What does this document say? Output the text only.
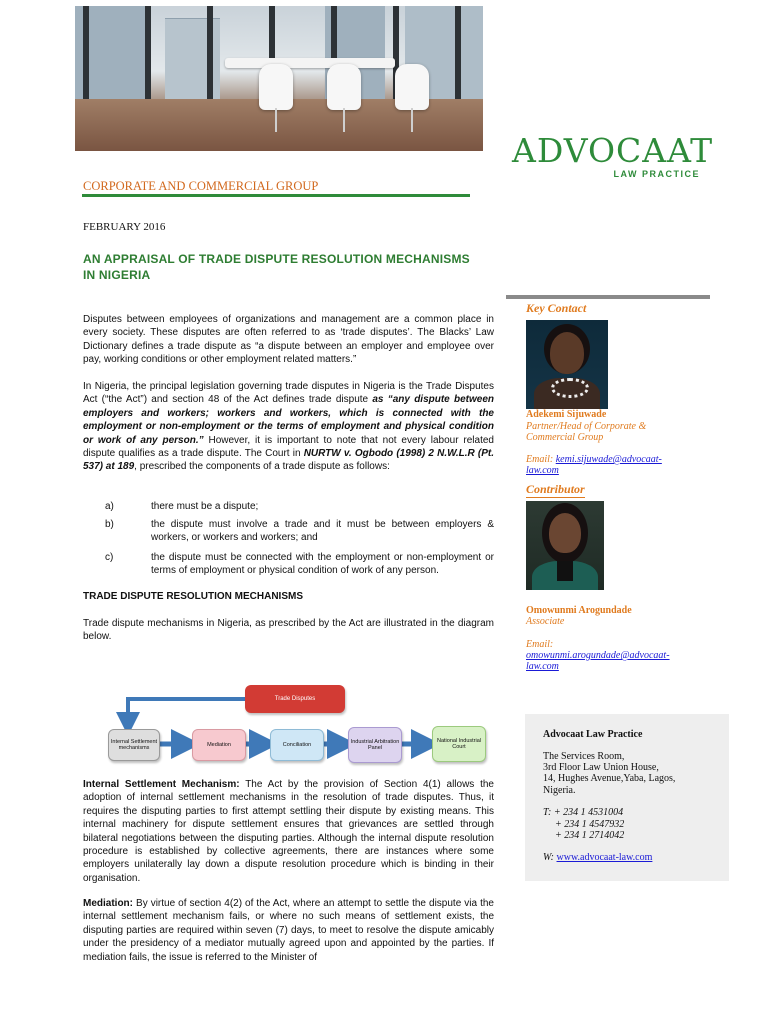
ADVOCAAT
LAW PRACTICE
CORPORATE AND COMMERCIAL GROUP
FEBRUARY 2016
AN APPRAISAL OF TRADE DISPUTE RESOLUTION MECHANISMS IN NIGERIA
Disputes between employees of organizations and management are a common place in every society. These disputes are often referred to as ‘trade disputes’. The Blacks’ Law Dictionary defines a trade dispute as “a dispute between an employer and employee over pay, working conditions or other employment related matters.”
In Nigeria, the principal legislation governing trade disputes in Nigeria is the Trade Disputes Act (“the Act”) and section 48 of the Act defines trade dispute as “any dispute between employers and workers; workers and workers, which is connected with the employment or non-employment or the terms of employment and physical condition or work of any person.” However, it is important to note that not every labour related dispute qualifies as a trade dispute. The Court in NURTW v. Ogbodo (1998) 2 N.W.L.R (Pt. 537) at 189, prescribed the components of a trade dispute as follows:
a)	there must be a dispute;
b)	the dispute must involve a trade and it must be between employers & workers, or workers and workers; and
c)	the dispute must be connected with the employment or non-employment or terms of employment or physical condition of work of any person.
TRADE DISPUTE RESOLUTION MECHANISMS
Trade dispute mechanisms in Nigeria, as prescribed by the Act are illustrated in the diagram below.
Trade Disputes
Internal Settlement mechanisms
Mediation	Conciliation
Industrial Arbitration Panel
National Industrial Court
Internal Settlement Mechanism: The Act by the provision of Section 4(1) allows the adoption of internal settlement mechanisms in the resolution of trade disputes. Thus, it requires the disputing parties to first attempt settling their dispute by existing means. This internal machinery for dispute settlement ensures that grievances are settled through bilateral negotiations between the disputing parties. Although the internal dispute resolution procedure is established by collective agreements, there are instances where some employers unilaterally lay down a dispute resolution procedure which is binding in their organisation.
Mediation: By virtue of section 4(2) of the Act, where an attempt to settle the dispute via the internal settlement mechanism fails, or where no such means of settlement exists, the disputing parties are required within seven (7) days, to meet to resolve the dispute amicably under the presidency of a mediator mutually agreed upon and appointed by the parties. If mediation fails, the issue is referred to the Minister of
Key Contact
Adekemi Sijuwade
Partner/Head of Corporate & Commercial Group
Email: kemi.sijuwade@advocaat-law.com
Contributor
Omowunmi Arogundade
Associate
Email: omowunmi.arogundade@advocaat-law.com
Advocaat Law Practice
The Services Room,
3rd Floor Law Union House,
14, Hughes Avenue,Yaba, Lagos,
Nigeria.
T: + 234 1 4531004
+ 234 1 4547932
+ 234 1 2714042
W: www.advocaat-law.com
